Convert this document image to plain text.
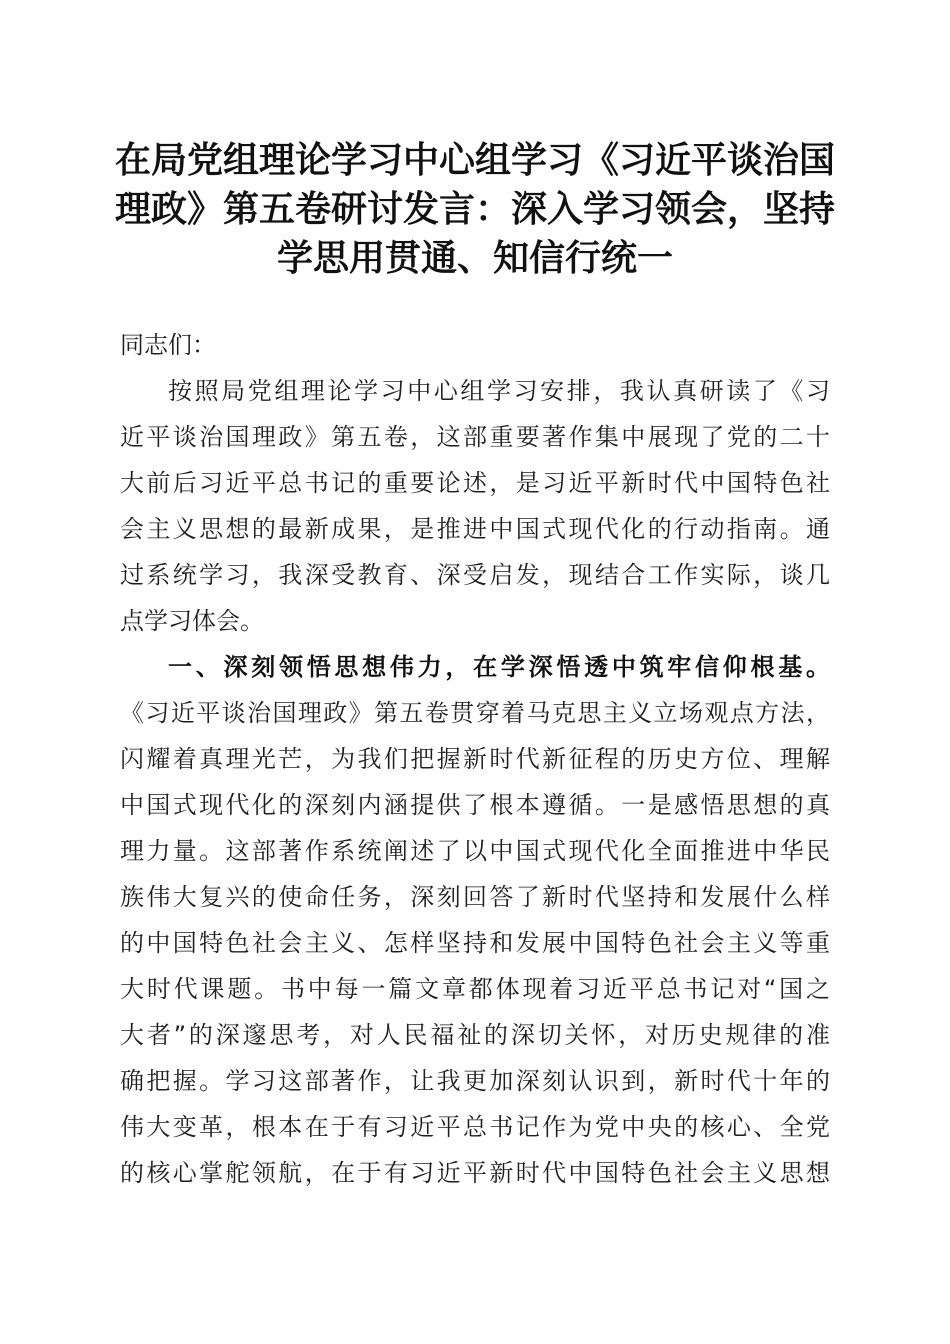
在局党组理论学习中心组学习《习近平谈治国
理政》第五卷研讨发言：深入学习领会，坚持
学思用贯通、知信行统一
同志们：
按照局党组理论学习中心组学习安排，我认真研读了《习
近平谈治国理政》第五卷，这部重要著作集中展现了党的二十
大前后习近平总书记的重要论述，是习近平新时代中国特色社
会主义思想的最新成果，是推进中国式现代化的行动指南。通
过系统学习，我深受教育、深受启发，现结合工作实际，谈几
点学习体会。
一、深刻领悟思想伟力，在学深悟透中筑牢信仰根基。
《习近平谈治国理政》第五卷贯穿着马克思主义立场观点方法，
闪耀着真理光芒，为我们把握新时代新征程的历史方位、理解
中国式现代化的深刻内涵提供了根本遵循。一是感悟思想的真
理力量。这部著作系统阐述了以中国式现代化全面推进中华民
族伟大复兴的使命任务，深刻回答了新时代坚持和发展什么样
的中国特色社会主义、怎样坚持和发展中国特色社会主义等重
大时代课题。书中每一篇文章都体现着习近平总书记对“国之
大者”的深邃思考，对人民福祉的深切关怀，对历史规律的准
确把握。学习这部著作，让我更加深刻认识到，新时代十年的
伟大变革，根本在于有习近平总书记作为党中央的核心、全党
的核心掌舵领航，在于有习近平新时代中国特色社会主义思想
